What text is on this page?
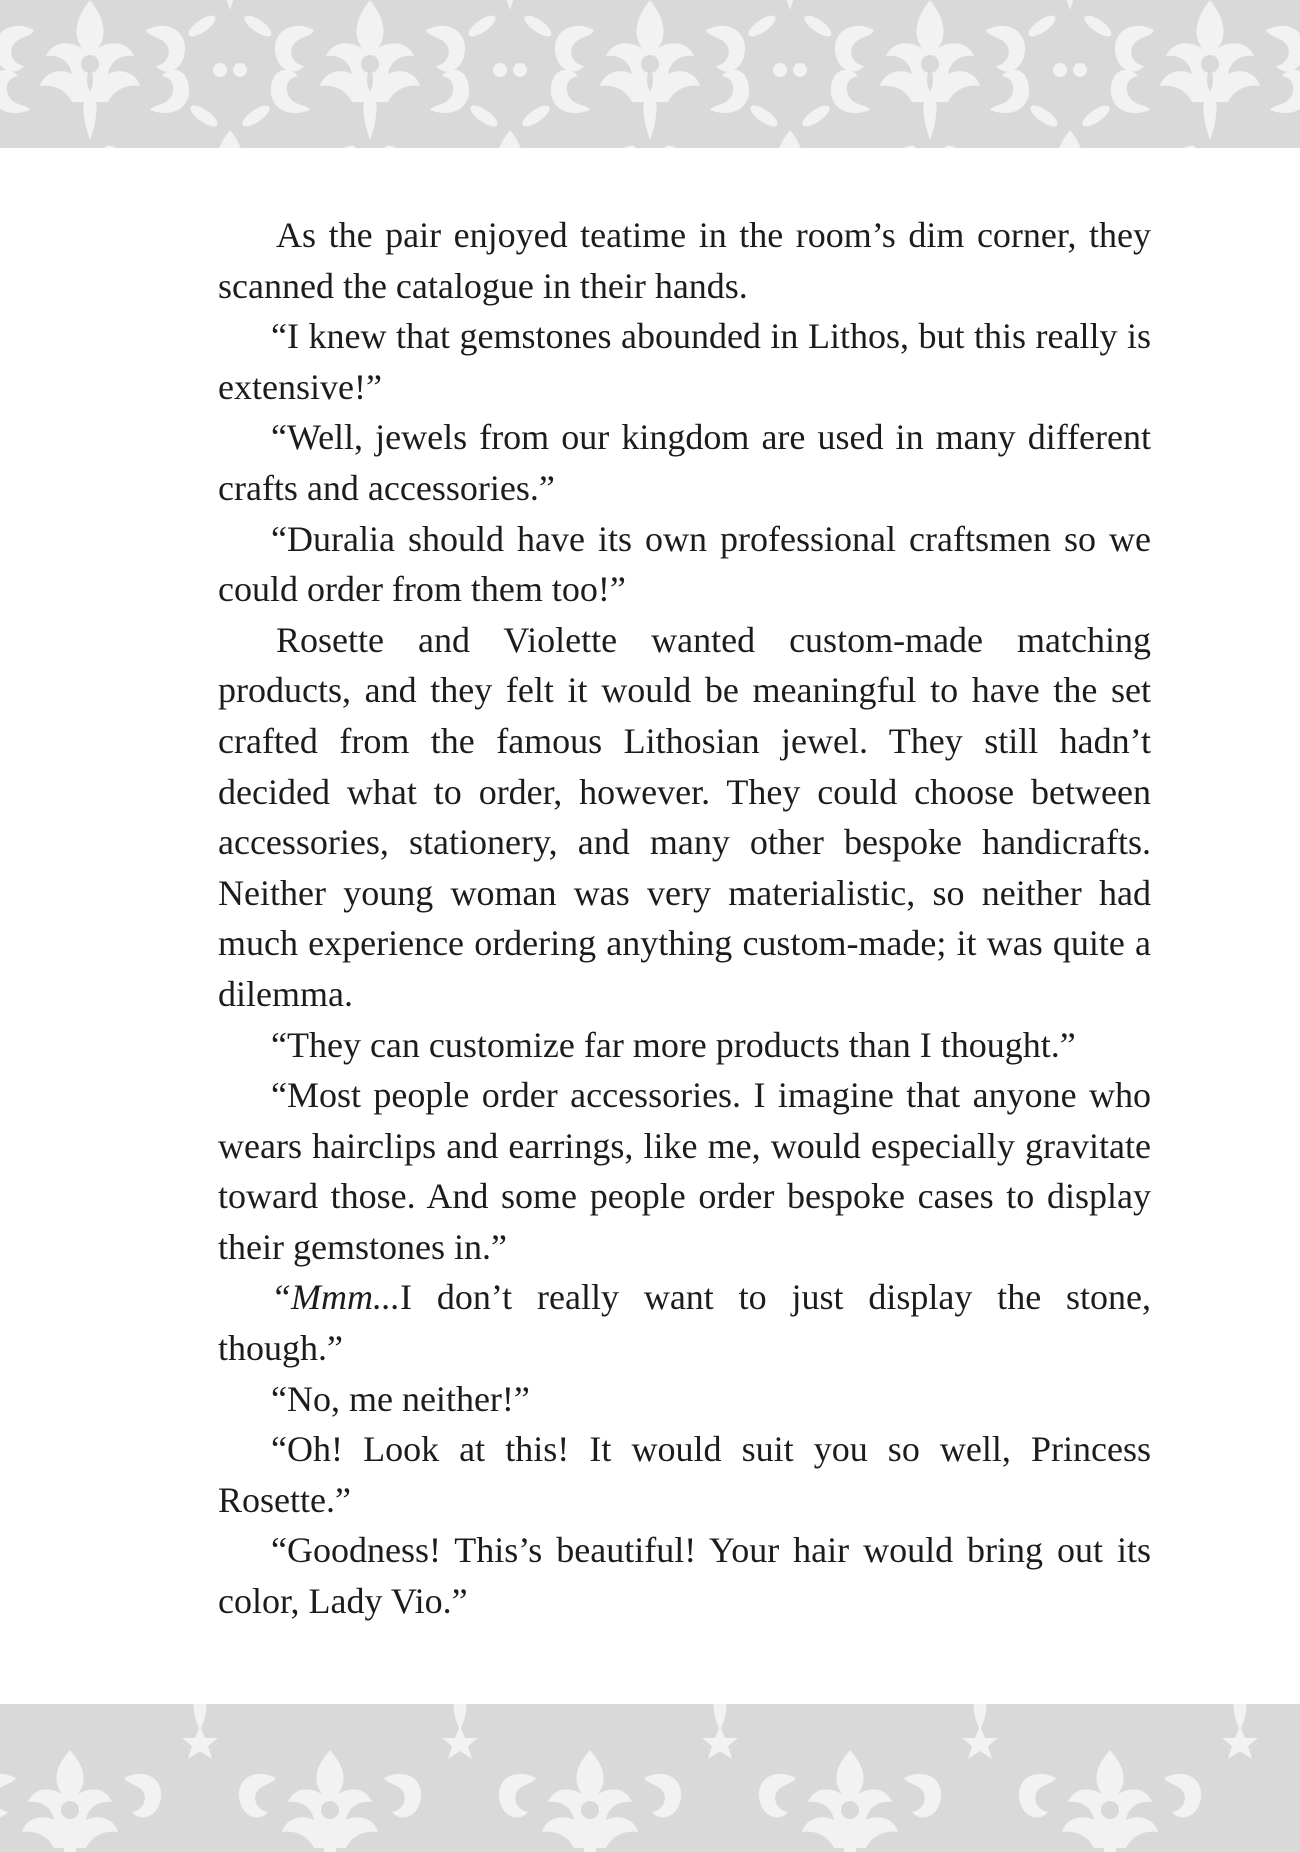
As the pair enjoyed teatime in the room’s dim corner, they scanned the catalogue in their hands.

“I knew that gemstones abounded in Lithos, but this really is extensive!”

“Well, jewels from our kingdom are used in many different crafts and accessories.”

“Duralia should have its own professional craftsmen so we could order from them too!”

Rosette and Violette wanted custom-made matching products, and they felt it would be meaningful to have the set crafted from the famous Lithosian jewel. They still hadn’t decided what to order, however. They could choose between accessories, stationery, and many other bespoke handicrafts. Neither young woman was very materialistic, so neither had much experience ordering anything custom-made; it was quite a dilemma.

“They can customize far more products than I thought.”

“Most people order accessories. I imagine that anyone who wears hairclips and earrings, like me, would especially gravitate toward those. And some people order bespoke cases to display their gemstones in.”

“Mmm...I don’t really want to just display the stone, though.”

“No, me neither!”

“Oh! Look at this! It would suit you so well, Princess Rosette.”

“Goodness! This’s beautiful! Your hair would bring out its color, Lady Vio.”
